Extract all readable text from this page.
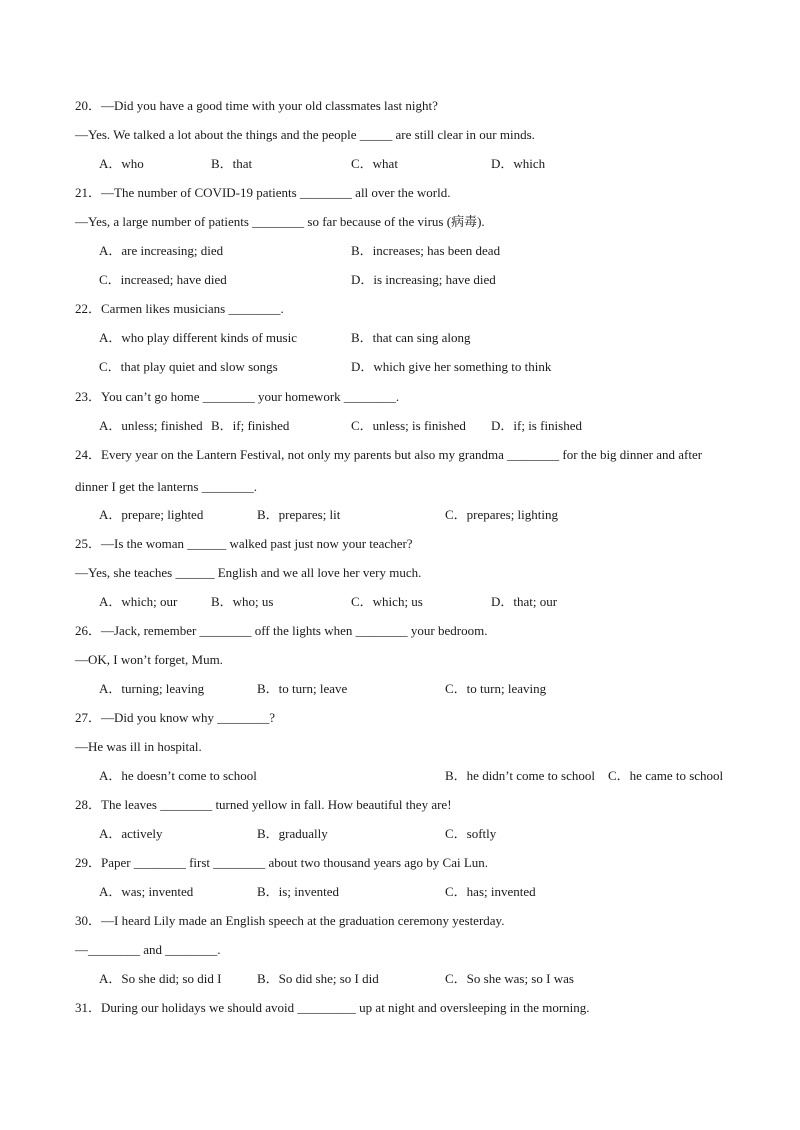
20．—Did you have a good time with your old classmates last night?
—Yes. We talked a lot about the things and the people _____ are still clear in our minds.
A．who	B．that	C．what	D．which
21．—The number of COVID-19 patients ________ all over the world.
—Yes, a large number of patients ________ so far because of the virus (病毒).
A．are increasing; died	B．increases; has been dead
C．increased; have died	D．is increasing; have died
22．Carmen likes musicians ________.
A．who play different kinds of music	B．that can sing along
C．that play quiet and slow songs	D．which give her something to think
23．You can’t go home ________ your homework ________.
A．unless; finished B．if; finished	C．unless; is finished D．if; is finished
24．Every year on the Lantern Festival, not only my parents but also my grandma ________ for the big dinner and after
dinner I get the lanterns ________.
A．prepare; lighted	B．prepares; lit	C．prepares; lighting
25．—Is the woman ______ walked past just now your teacher?
—Yes, she teaches ______ English and we all love her very much.
A．which; our	B．who; us	C．which; us	D．that; our
26．—Jack, remember ________ off the lights when ________ your bedroom.
—OK, I won’t forget, Mum.
A．turning; leaving	B．to turn; leave	C．to turn; leaving
27．—Did you know why ________?
—He was ill in hospital.
A．he doesn’t come to school	B．he didn’t come to school C．he came to school
28．The leaves ________ turned yellow in fall. How beautiful they are!
A．actively	B．gradually	C．softly
29．Paper ________ first ________ about two thousand years ago by Cai Lun.
A．was; invented	B．is; invented	C．has; invented
30．—I heard Lily made an English speech at the graduation ceremony yesterday.
—________ and ________.
A．So she did; so did I	B．So did she; so I did	C．So she was; so I was
31．During our holidays we should avoid _________ up at night and oversleeping in the morning.
